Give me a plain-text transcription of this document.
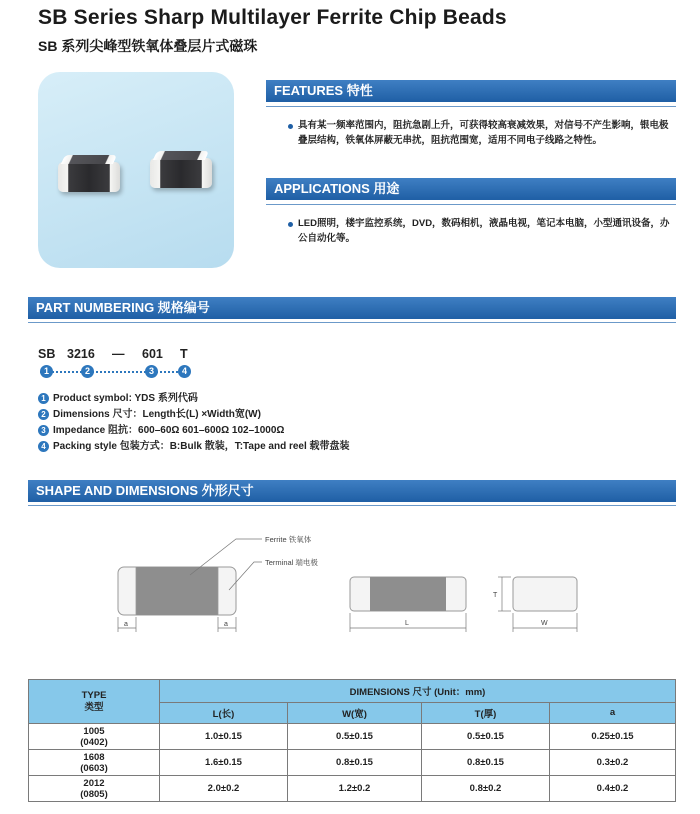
SB Series Sharp Multilayer Ferrite Chip Beads
SB 系列尖峰型铁氧体叠层片式磁珠
FEATURES 特性
具有某一频率范围内，阻抗急剧上升，可获得较高衰减效果，对信号不产生影响，银电极叠层结构，铁氧体屏蔽无串扰，阻抗范围宽，适用不同电子线路之特性。
APPLICATIONS 用途
LED照明，楼宇监控系统，DVD，数码相机，液晶电视，笔记本电脑，小型通讯设备，办公自动化等。
PART NUMBERING 规格编号
SB 3216 — 601 T
1	2	3	4
1 Product symbol: YDS 系列代码
2 Dimensions 尺寸：Length长(L) ×Width宽(W)
3 Impedance 阻抗：600–60Ω 601–600Ω 102–1000Ω
4 Packing style 包装方式：B:Bulk 散装，T:Tape and reel 载带盘装
SHAPE AND DIMENSIONS 外形尺寸
Ferrite 铁氧体
Terminal 端电极
a	a	L
T
W
TYPE
类型	DIMENSIONS 尺寸 (Unit：mm)			
	L(长)	W(宽)	T(厚)	a
1005
(0402)	1.0±0.15	0.5±0.15	0.5±0.15	0.25±0.15
1608
(0603)	1.6±0.15	0.8±0.15	0.8±0.15	0.3±0.2
2012
(0805)	2.0±0.2	1.2±0.2	0.8±0.2	0.4±0.2
